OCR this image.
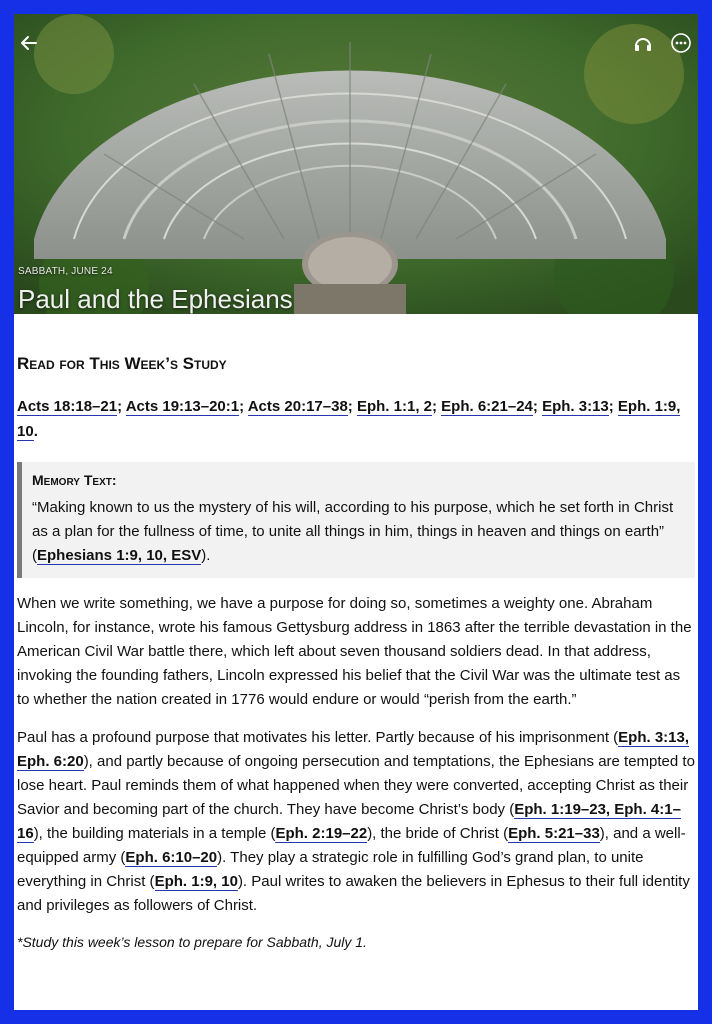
SABBATH, JUNE 24
Paul and the Ephesians
Read for This Week’s Study
Acts 18:18–21; Acts 19:13–20:1; Acts 20:17–38; Eph. 1:1, 2; Eph. 6:21–24; Eph. 3:13; Eph. 1:9, 10.
Memory Text:
“Making known to us the mystery of his will, according to his purpose, which he set forth in Christ as a plan for the fullness of time, to unite all things in him, things in heaven and things on earth” (Ephesians 1:9, 10, ESV).

When we write something, we have a purpose for doing so, sometimes a weighty one. Abraham Lincoln, for instance, wrote his famous Gettysburg address in 1863 after the terrible devastation in the American Civil War battle there, which left about seven thousand soldiers dead. In that address, invoking the founding fathers, Lincoln expressed his belief that the Civil War was the ultimate test as to whether the nation created in 1776 would endure or would “perish from the earth.”

Paul has a profound purpose that motivates his letter. Partly because of his imprisonment (Eph. 3:13, Eph. 6:20), and partly because of ongoing persecution and temptations, the Ephesians are tempted to lose heart. Paul reminds them of what happened when they were converted, accepting Christ as their Savior and becoming part of the church. They have become Christ’s body (Eph. 1:19–23, Eph. 4:1–16), the building materials in a temple (Eph. 2:19–22), the bride of Christ (Eph. 5:21–33), and a well-equipped army (Eph. 6:10–20). They play a strategic role in fulfilling God’s grand plan, to unite everything in Christ (Eph. 1:9, 10). Paul writes to awaken the believers in Ephesus to their full identity and privileges as followers of Christ.

*Study this week’s lesson to prepare for Sabbath, July 1.
